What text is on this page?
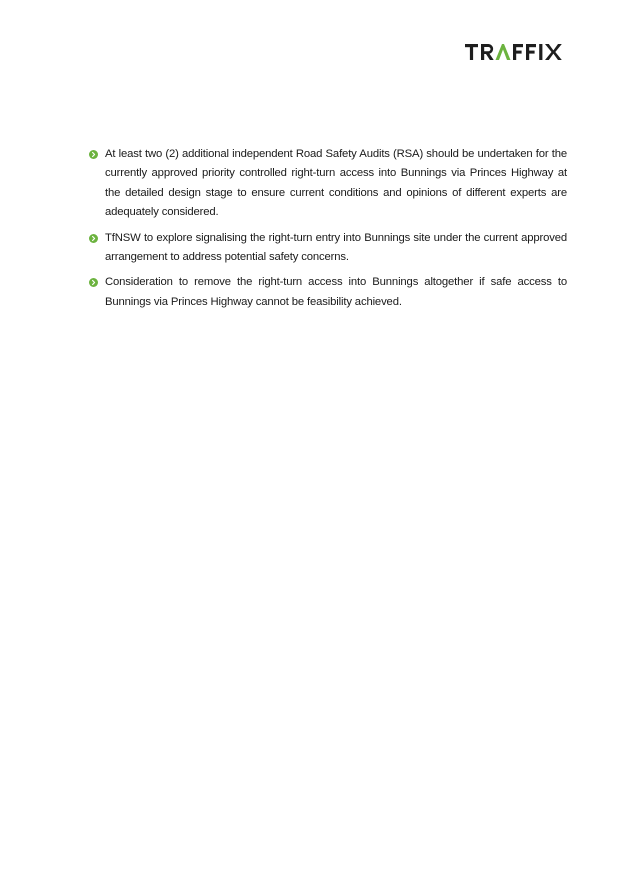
At least two (2) additional independent Road Safety Audits (RSA) should be undertaken for the currently approved priority controlled right-turn access into Bunnings via Princes Highway at the detailed design stage to ensure current conditions and opinions of different experts are adequately considered.
TfNSW to explore signalising the right-turn entry into Bunnings site under the current approved arrangement to address potential safety concerns.
Consideration to remove the right-turn access into Bunnings altogether if safe access to Bunnings via Princes Highway cannot be feasibility achieved.
